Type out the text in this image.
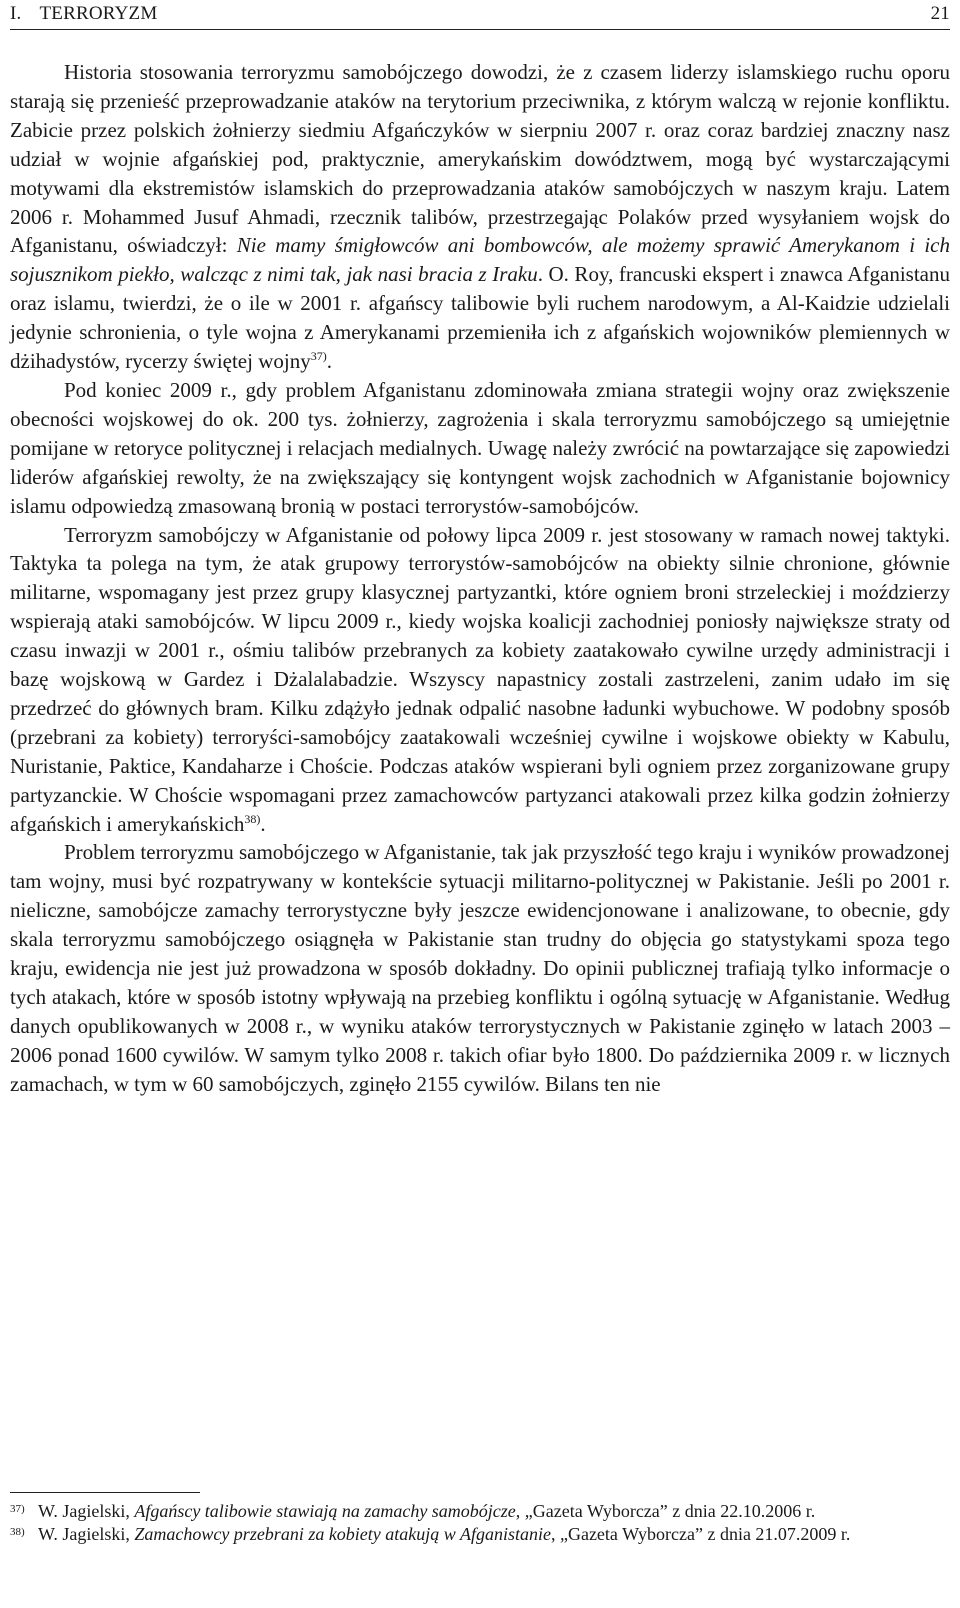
I. TERRORYZM	21

Historia stosowania terroryzmu samobójczego dowodzi, że z czasem liderzy islamskiego ruchu oporu starają się przenieść przeprowadzanie ataków na terytorium przeciwnika, z którym walczą w rejonie konfliktu. Zabicie przez polskich żołnierzy siedmiu Afgańczyków w sierpniu 2007 r. oraz coraz bardziej znaczny nasz udział w wojnie afgańskiej pod, praktycznie, amerykańskim dowództwem, mogą być wystarczającymi motywami dla ekstremistów islamskich do przeprowadzania ataków samobójczych w naszym kraju. Latem 2006 r. Mohammed Jusuf Ahmadi, rzecznik talibów, przestrzegając Polaków przed wysyłaniem wojsk do Afganistanu, oświadczył: Nie mamy śmigłowców ani bombowców, ale możemy sprawić Amerykanom i ich sojusznikom piekło, walcząc z nimi tak, jak nasi bracia z Iraku. O. Roy, francuski ekspert i znawca Afganistanu oraz islamu, twierdzi, że o ile w 2001 r. afgańscy talibowie byli ruchem narodowym, a Al-Kaidzie udzielali jedynie schronienia, o tyle wojna z Amerykanami przemieniła ich z afgańskich wojowników plemiennych w dżihadystów, rycerzy świętej wojny$^{37)}$.

Pod koniec 2009 r., gdy problem Afganistanu zdominowała zmiana strategii wojny oraz zwiększenie obecności wojskowej do ok. 200 tys. żołnierzy, zagrożenia i skala terroryzmu samobójczego są umiejętnie pomijane w retoryce politycznej i relacjach medialnych. Uwagę należy zwrócić na powtarzające się zapowiedzi liderów afgańskiej rewolty, że na zwiększający się kontyngent wojsk zachodnich w Afganistanie bojownicy islamu odpowiedzą zmasowaną bronią w postaci terrorystów-samobójców.

Terroryzm samobójczy w Afganistanie od połowy lipca 2009 r. jest stosowany w ramach nowej taktyki. Taktyka ta polega na tym, że atak grupowy terrorystów-samobójców na obiekty silnie chronione, głównie militarne, wspomagany jest przez grupy klasycznej partyzantki, które ogniem broni strzeleckiej i moździerzy wspierają ataki samobójców. W lipcu 2009 r., kiedy wojska koalicji zachodniej poniosły największe straty od czasu inwazji w 2001 r., ośmiu talibów przebranych za kobiety zaatakowało cywilne urzędy administracji i bazę wojskową w Gardez i Dżalalabadzie. Wszyscy napastnicy zostali zastrzeleni, zanim udało im się przedrzeć do głównych bram. Kilku zdążyło jednak odpalić nasobne ładunki wybuchowe. W podobny sposób (przebrani za kobiety) terroryści-samobójcy zaatakowali wcześniej cywilne i wojskowe obiekty w Kabulu, Nuristanie, Paktice, Kandaharze i Choście. Podczas ataków wspierani byli ogniem przez zorganizowane grupy partyzanckie. W Choście wspomagani przez zamachowców partyzanci atakowali przez kilka godzin żołnierzy afgańskich i amerykańskich$^{38)}$.

Problem terroryzmu samobójczego w Afganistanie, tak jak przyszłość tego kraju i wyników prowadzonej tam wojny, musi być rozpatrywany w kontekście sytuacji militarno-politycznej w Pakistanie. Jeśli po 2001 r. nieliczne, samobójcze zamachy terrorystyczne były jeszcze ewidencjonowane i analizowane, to obecnie, gdy skala terroryzmu samobójczego osiągnęła w Pakistanie stan trudny do objęcia go statystykami spoza tego kraju, ewidencja nie jest już prowadzona w sposób dokładny. Do opinii publicznej trafiają tylko informacje o tych atakach, które w sposób istotny wpływają na przebieg konfliktu i ogólną sytuację w Afganistanie. Według danych opublikowanych w 2008 r., w wyniku ataków terrorystycznych w Pakistanie zginęło w latach 2003 – 2006 ponad 1600 cywilów. W samym tylko 2008 r. takich ofiar było 1800. Do października 2009 r. w licznych zamachach, w tym w 60 samobójczych, zginęło 2155 cywilów. Bilans ten nie

37) W. Jagielski, Afgańscy talibowie stawiają na zamachy samobójcze, „Gazeta Wyborcza” z dnia 22.10.2006 r.
38) W. Jagielski, Zamachowcy przebrani za kobiety atakują w Afganistanie, „Gazeta Wyborcza” z dnia 21.07.2009 r.
